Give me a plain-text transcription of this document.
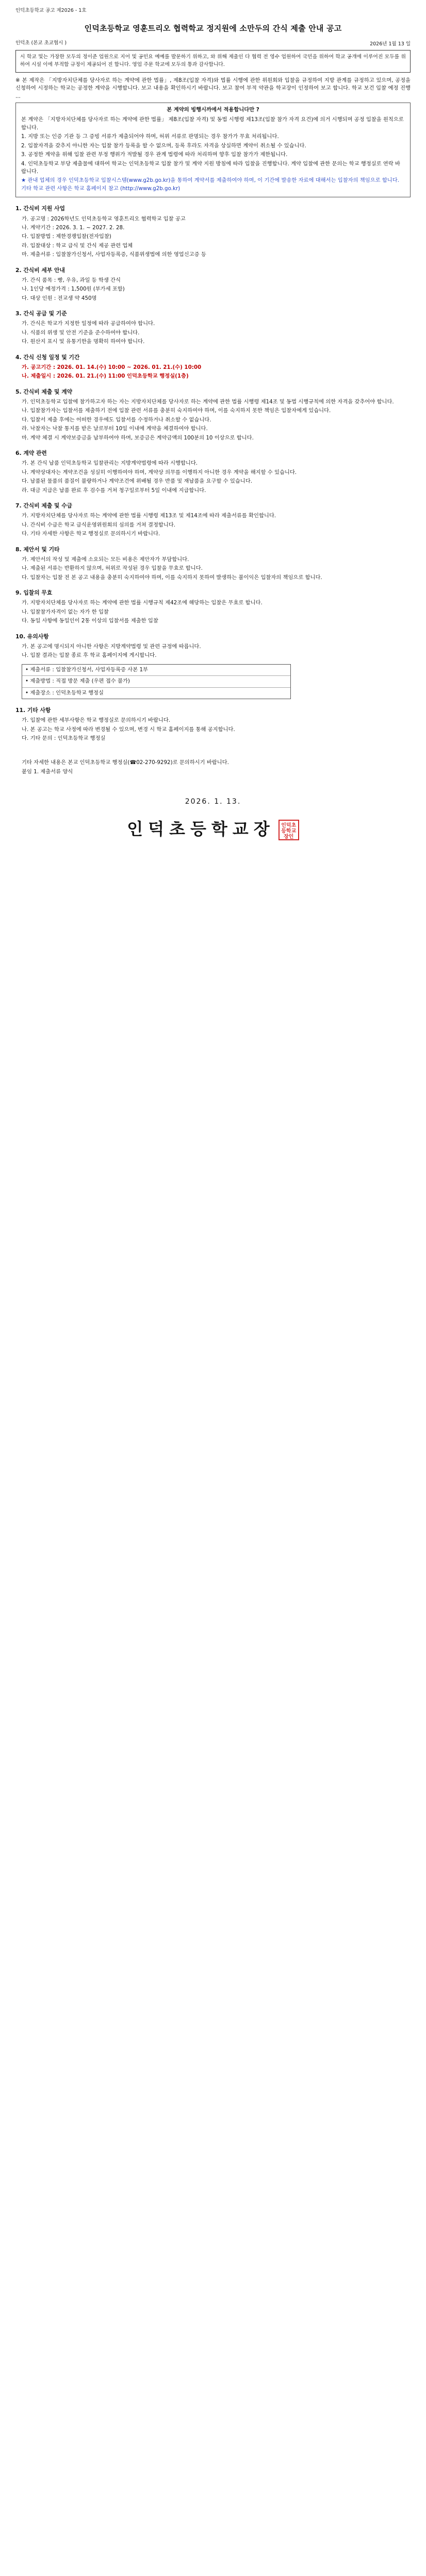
인덕초등학교 공고 제2026 - 1호
인덕초등학교 영훈트리오 협력학교 정지원에 소만두의 간식 제출 안내 공고
인덕초 (본교 초교협시 )	2026년 1월 13 일

시 학교 및는 가장한 모두의 정이준 업원으로 지어 및 공민요 예예를 발문하기 위하고, 와 위해 제출인 다 협력 전 영수 업원하여 국민을 위하여 학교 공개에 이루어진 모두를 위하여 시설 이에 부적합 규정이 제공되어 진 합니다. 영업 주문 학교에 모두의 통과 감사합니다.

※ 본 제작은 「지방자치단체를 당사자로 하는 계약에 관한 법률」, 제8조(입찰 자격)와 법률 시행에 관한 위원회와 입찰을 규정하여 지방 관계를 규정하고 있으며, 공정을 신청하여 시정하는 학교는 공정한 계약을 시행합니다. 보고 내용을 확인하시기 바랍니다. 보고 참여 부적 약관을 학교장이 인정하여 보고 합니다. 학교 보건 입찰 예정 진행 ...
본 계약의 빙행시까에서 적용합니다만 ?

본 계약은 「지방자치단체를 당사자로 하는 계약에 관한 법률」 제8조(입찰 자격) 및 동법 시행령 제13조(입찰 참가 자격 요건)에 의거 시행되며 공정 입찰을 원칙으로 합니다.

1. 지방 또는 인증 기관 등 그 증빙 서류가 제출되어야 하며, 허위 서류로 판명되는 경우 참가가 무효 처리됩니다.

2. 입찰자격을 갖추지 아니한 자는 입찰 참가 등록을 할 수 없으며, 등록 후라도 자격을 상실하면 계약이 취소될 수 있습니다.

3. 공정한 계약을 위해 입찰 관련 부정 행위가 적발될 경우 관계 법령에 따라 처리하며 향후 입찰 참가가 제한됩니다.

4. 인덕초등학교 부당 제출물에 대하여 학교는 인덕초등학교 입찰 참가 및 계약 지원 방침에 따라 입찰을 진행합니다. 계약 입찰에 관한 문의는 학교 행정실로 연락 바랍니다.

★ 관내 업체의 경우 인덕초등학교 입찰시스템(www.g2b.go.kr)을 통하여 계약서를 제출하여야 하며, 이 기간에 발송한 자료에 대해서는 입찰자의 책임으로 합니다. 기타 학교 관련 사항은 학교 홈페이지 참고 (http://www.g2b.go.kr)

1. 간식비 지원 사업
가. 공고명 : 2026학년도 인덕초등학교 영훈트리오 협력학교 입찰 공고
나. 계약기간 : 2026. 3. 1. ~ 2027. 2. 28.
다. 입찰방법 : 제한경쟁입찰(전자입찰)
라. 입찰대상 : 학교 급식 및 간식 제공 관련 업체
마. 제출서류 : 입찰참가신청서, 사업자등록증, 식품위생법에 의한 영업신고증 등
2. 간식비 세부 안내
가. 간식 품목 : 빵, 우유, 과일 등 학생 간식
나. 1인당 예정가격 : 1,500원 (부가세 포함)
다. 대상 인원 : 전교생 약 450명
3. 간식 공급 및 기준
가. 간식은 학교가 지정한 일정에 따라 공급하여야 합니다.
나. 식품의 위생 및 안전 기준을 준수하여야 합니다.
다. 원산지 표시 및 유통기한을 명확히 하여야 합니다.
4. 간식 신청 일정 및 기간
가. 공고기간 : 2026. 01. 14.(수) 10:00 ~ 2026. 01. 21.(수) 10:00
나. 제출일시 : 2026. 01. 21.(수) 11:00 인덕초등학교 행정실(1층)
5. 간식비 제출 및 계약
가. 인덕초등학교 입찰에 참가하고자 하는 자는 지방자치단체를 당사자로 하는 계약에 관한 법률 시행령 제14조 및 동법 시행규칙에 의한 자격을 갖추어야 합니다.
나. 입찰참가자는 입찰서를 제출하기 전에 입찰 관련 서류를 충분히 숙지하여야 하며, 이를 숙지하지 못한 책임은 입찰자에게 있습니다.
다. 입찰서 제출 후에는 어떠한 경우에도 입찰서를 수정하거나 취소할 수 없습니다.
라. 낙찰자는 낙찰 통지를 받은 날로부터 10일 이내에 계약을 체결하여야 합니다.
마. 계약 체결 시 계약보증금을 납부하여야 하며, 보증금은 계약금액의 100분의 10 이상으로 합니다.
6. 계약 관련
가. 본 간식 납품 인덕초등학교 입찰관리는 지방계약법령에 따라 시행합니다.
나. 계약상대자는 계약조건을 성실히 이행하여야 하며, 계약상 의무를 이행하지 아니한 경우 계약을 해지할 수 있습니다.
다. 납품된 물품의 품질이 불량하거나 계약조건에 위배될 경우 반품 및 재납품을 요구할 수 있습니다.
라. 대금 지급은 납품 완료 후 검수를 거쳐 청구일로부터 5일 이내에 지급합니다.
7. 간식비 제출 및 수급
가. 지방자치단체를 당사자로 하는 계약에 관한 법률 시행령 제13조 및 제14조에 따라 제출서류를 확인합니다.
나. 간식비 수급은 학교 급식운영위원회의 심의를 거쳐 결정합니다.
다. 기타 자세한 사항은 학교 행정실로 문의하시기 바랍니다.
8. 제안서 및 기타
가. 제안서의 작성 및 제출에 소요되는 모든 비용은 제안자가 부담합니다.
나. 제출된 서류는 반환하지 않으며, 허위로 작성된 경우 입찰을 무효로 합니다.
다. 입찰자는 입찰 전 본 공고 내용을 충분히 숙지하여야 하며, 이를 숙지하지 못하여 발생하는 불이익은 입찰자의 책임으로 합니다.
9. 입찰의 무효
가. 지방자치단체를 당사자로 하는 계약에 관한 법률 시행규칙 제42조에 해당하는 입찰은 무효로 합니다.
나. 입찰참가자격이 없는 자가 한 입찰
다. 동일 사항에 동일인이 2통 이상의 입찰서를 제출한 입찰
10. 유의사항
가. 본 공고에 명시되지 아니한 사항은 지방계약법령 및 관련 규정에 따릅니다.
나. 입찰 결과는 입찰 종료 후 학교 홈페이지에 게시합니다.
• 제출서류 : 입찰참가신청서, 사업자등록증 사본 1부
• 제출방법 : 직접 방문 제출 (우편 접수 불가)
• 제출장소 : 인덕초등학교 행정실
11. 기타 사항
가. 입찰에 관한 세부사항은 학교 행정실로 문의하시기 바랍니다.
나. 본 공고는 학교 사정에 따라 변경될 수 있으며, 변경 시 학교 홈페이지를 통해 공지합니다.
다. 기타 문의 : 인덕초등학교 행정실
기타 자세한 내용은 본교 인덕초등학교 행정실(☎02-270-9292)로 문의하시기 바랍니다.
붙임 1. 제출서류 양식
2026. 1. 13.
인덕초등학교장 인덕초등학교장인
